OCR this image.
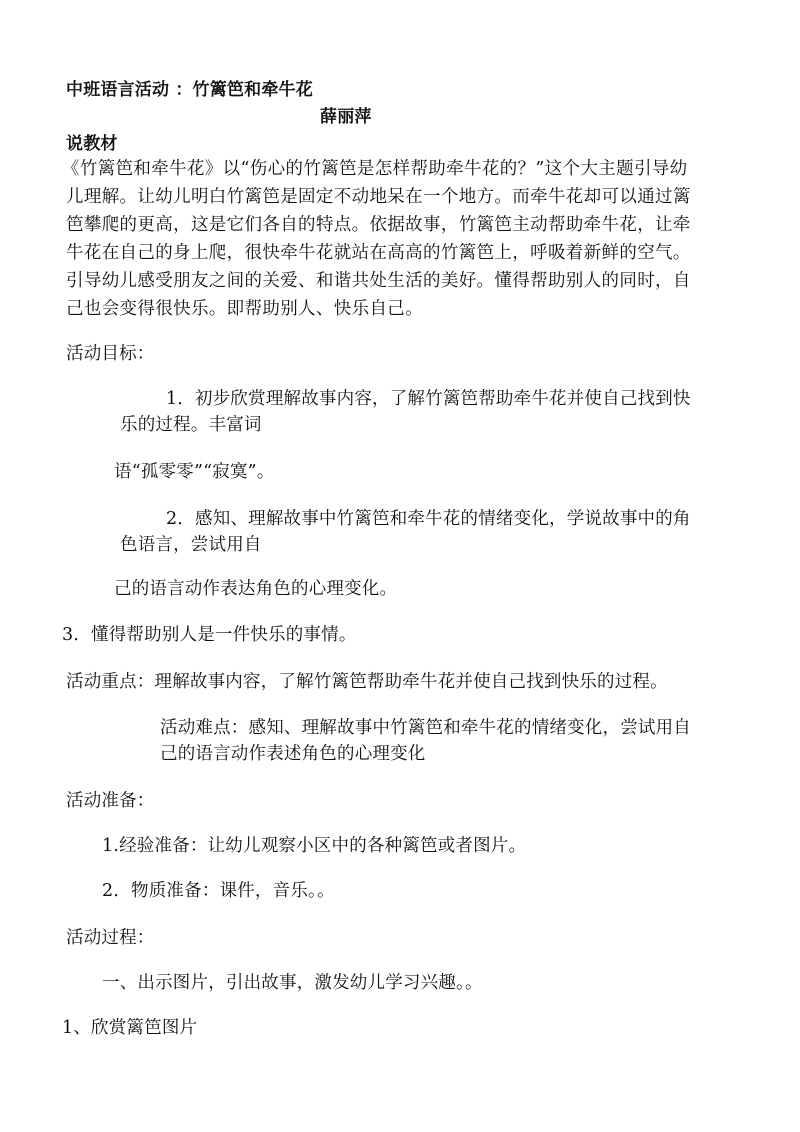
中班语言活动 ：竹篱笆和牵牛花
薛丽萍
说教材
《竹篱笆和牵牛花》以“伤心的竹篱笆是怎样帮助牵牛花的？”这个大主题引导幼
儿理解。让幼儿明白竹篱笆是固定不动地呆在一个地方。而牵牛花却可以通过篱
笆攀爬的更高，这是它们各自的特点。依据故事，竹篱笆主动帮助牵牛花，让牵
牛花在自己的身上爬，很快牵牛花就站在高高的竹篱笆上，呼吸着新鲜的空气。
引导幼儿感受朋友之间的关爱、和谐共处生活的美好。懂得帮助别人的同时，自
己也会变得很快乐。即帮助别人、快乐自己。
活动目标：
1．初步欣赏理解故事内容，了解竹篱笆帮助牵牛花并使自己找到快
乐的过程。丰富词
语“孤零零”“寂寞”。
2．感知、理解故事中竹篱笆和牵牛花的情绪变化，学说故事中的角
色语言，尝试用自
己的语言动作表达角色的心理变化。
3．懂得帮助别人是一件快乐的事情。
活动重点：理解故事内容，了解竹篱笆帮助牵牛花并使自己找到快乐的过程。
活动难点：感知、理解故事中竹篱笆和牵牛花的情绪变化，尝试用自
己的语言动作表述角色的心理变化
活动准备：
1.经验准备：让幼儿观察小区中的各种篱笆或者图片。
2．物质准备：课件，音乐。。
活动过程：
一、出示图片，引出故事，激发幼儿学习兴趣。。
1、欣赏篱笆图片
